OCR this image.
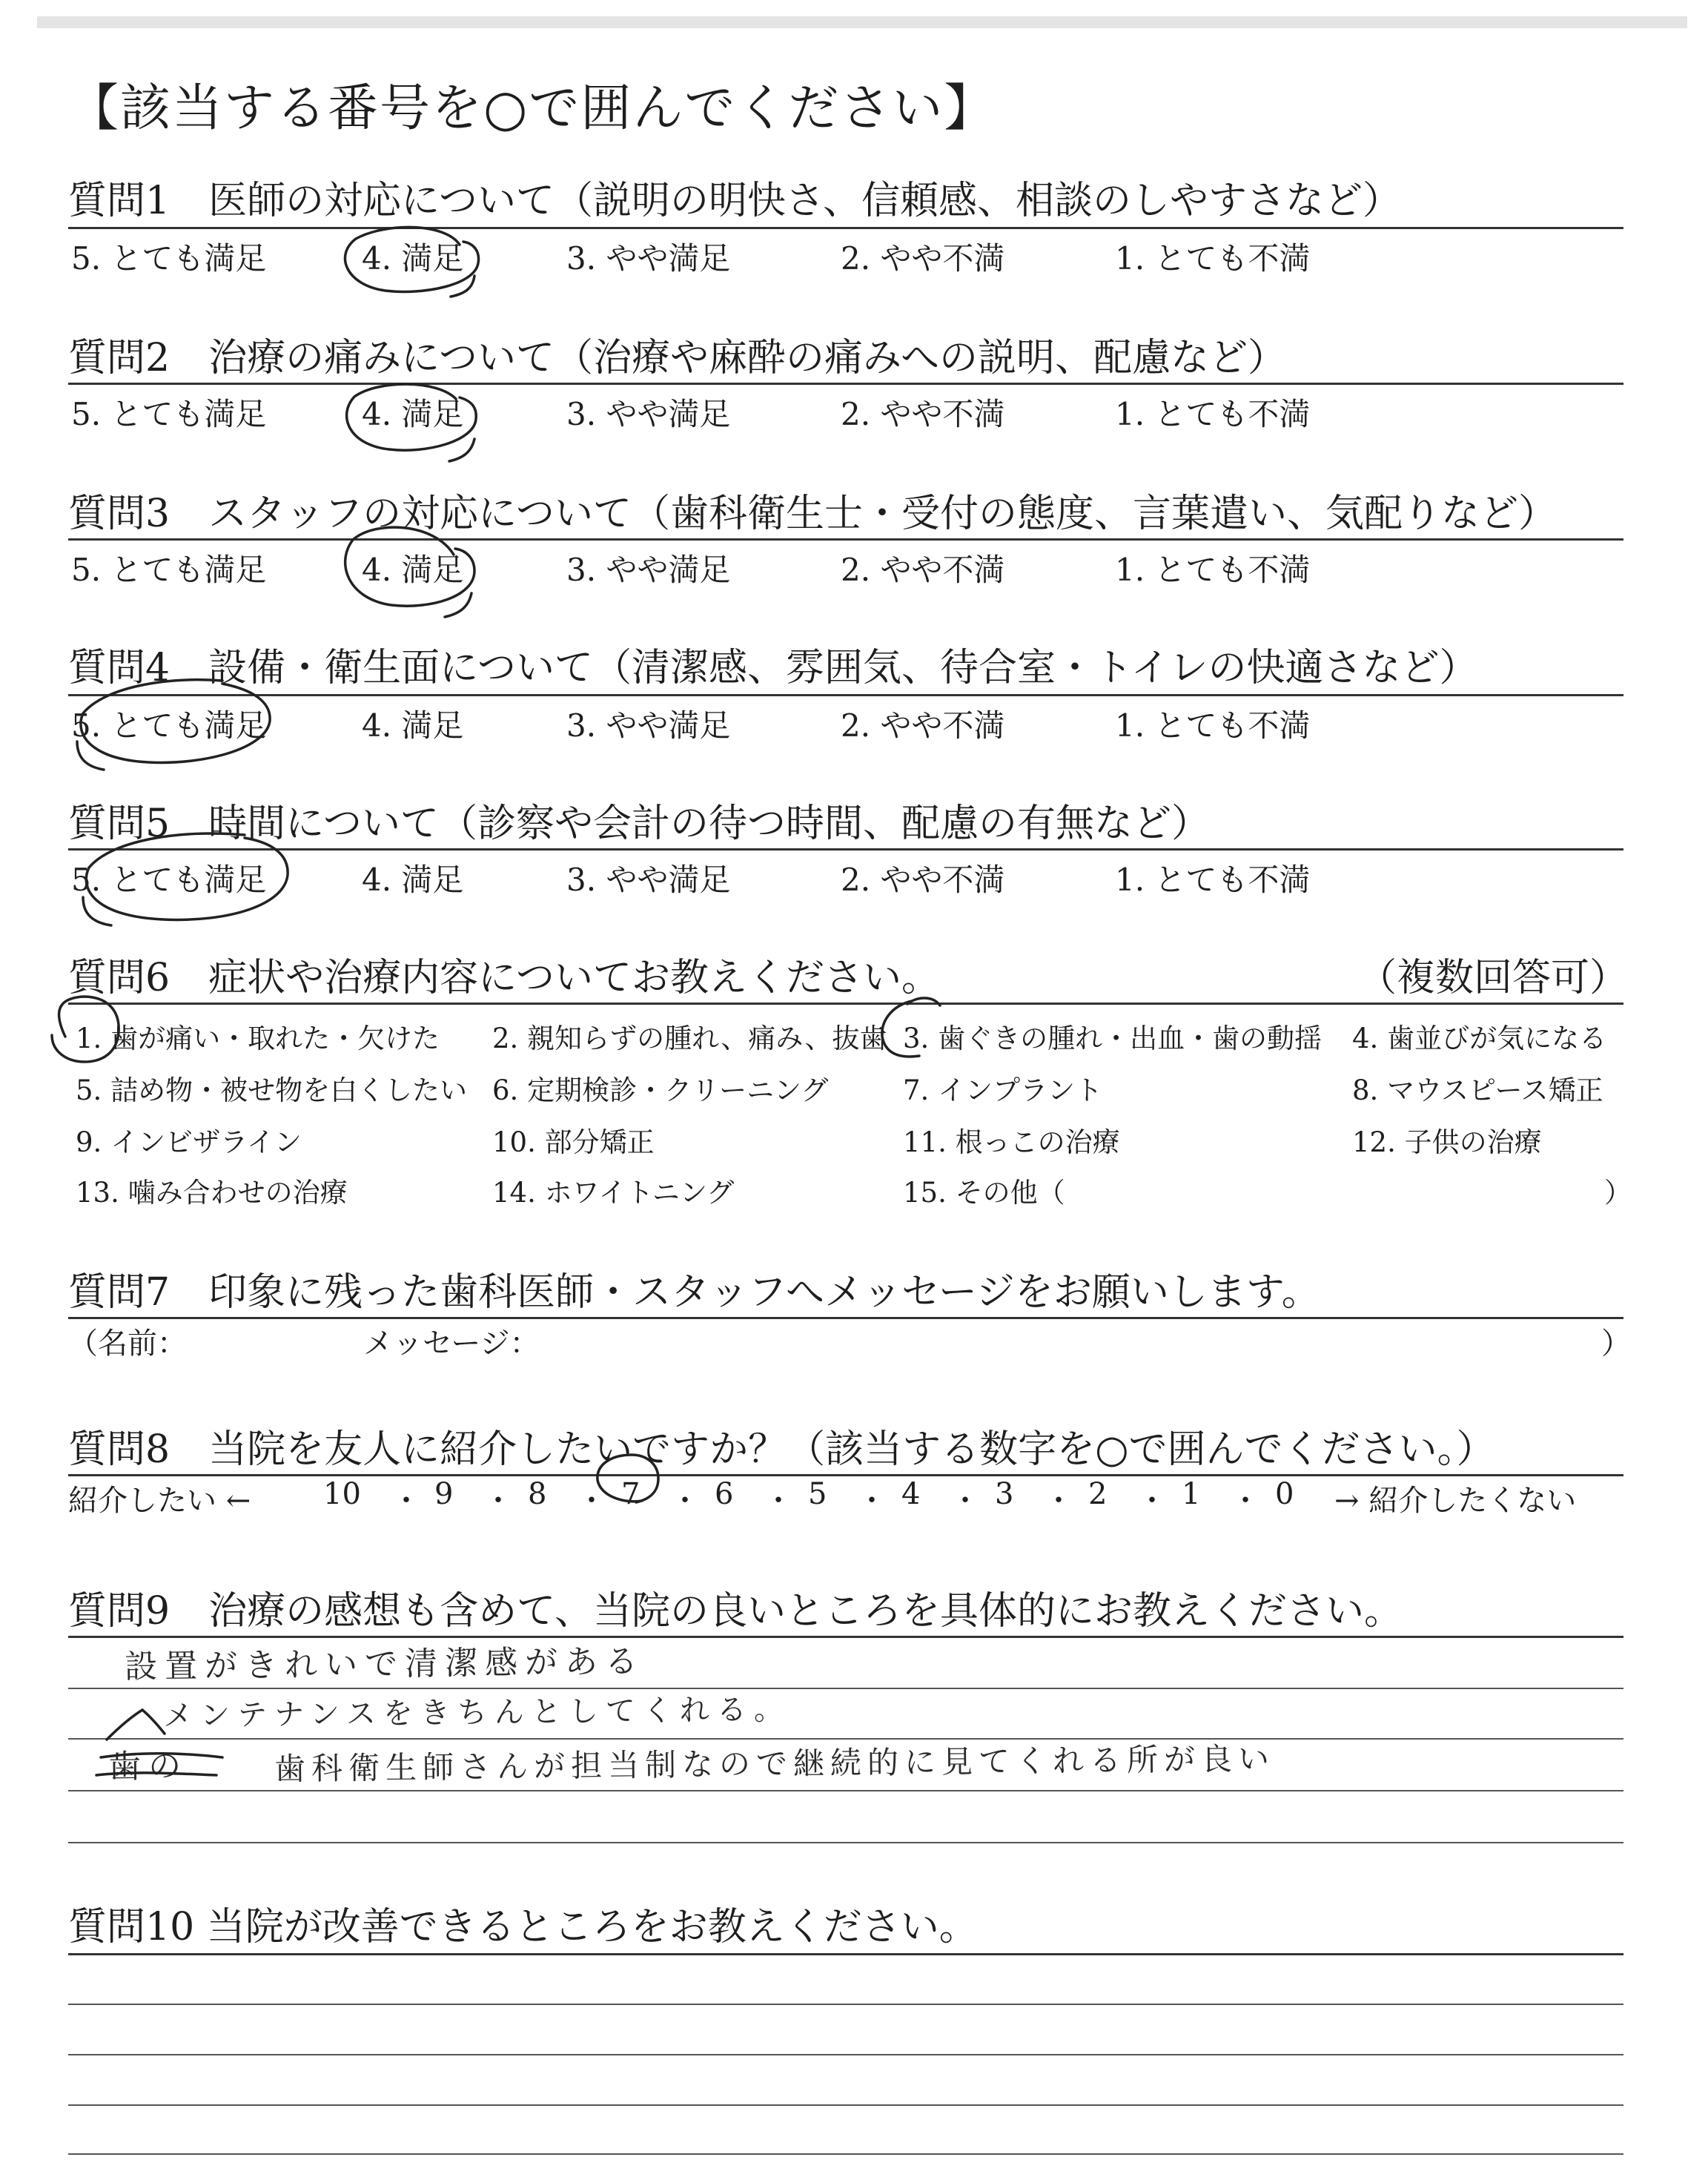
【該当する番号を○で囲んでください】
質問1　医師の対応について（説明の明快さ、信頼感、相談のしやすさなど）
5. とても満足	4. 満足	3. やや満足	2. やや不満	1. とても不満
質問2　治療の痛みについて（治療や麻酔の痛みへの説明、配慮など）
5. とても満足	4. 満足	3. やや満足	2. やや不満	1. とても不満
質問3　スタッフの対応について（歯科衛生士・受付の態度、言葉遣い、気配りなど）
5. とても満足	4. 満足	3. やや満足	2. やや不満	1. とても不満
質問4　設備・衛生面について（清潔感、雰囲気、待合室・トイレの快適さなど）
5. とても満足	4. 満足	3. やや満足	2. やや不満	1. とても不満
質問5　時間について（診察や会計の待つ時間、配慮の有無など）
5. とても満足	4. 満足	3. やや満足	2. やや不満	1. とても不満
質問6　症状や治療内容についてお教えください。	（複数回答可）
1. 歯が痛い・取れた・欠けた 2. 親知らずの腫れ、痛み、抜歯 3. 歯ぐきの腫れ・出血・歯の動揺 4. 歯並びが気になる
5. 詰め物・被せ物を白くしたい 6. 定期検診・クリーニング	7. インプラント	8. マウスピース矯正
9. インビザライン	10. 部分矯正	11. 根っこの治療	12. 子供の治療
13. 噛み合わせの治療	14. ホワイトニング	15. その他（	）
質問7　印象に残った歯科医師・スタッフへメッセージをお願いします。
（名前：	メッセージ：	）
質問8　当院を友人に紹介したいですか？（該当する数字を○で囲んでください。）
紹介したい ← 10 ・ 9 ・ 8 ・ 7 ・ 6 ・ 5 ・ 4 ・ 3 ・ 2 ・ 1 ・ 0 → 紹介したくない
質問9　治療の感想も含めて、当院の良いところを具体的にお教えください。
設置がきれいで清潔感がある
メンテナンスをきちんとしてくれる。
歯の	歯科衛生師さんが担当制なので継続的に見てくれる所が良い
質問10 当院が改善できるところをお教えください。
